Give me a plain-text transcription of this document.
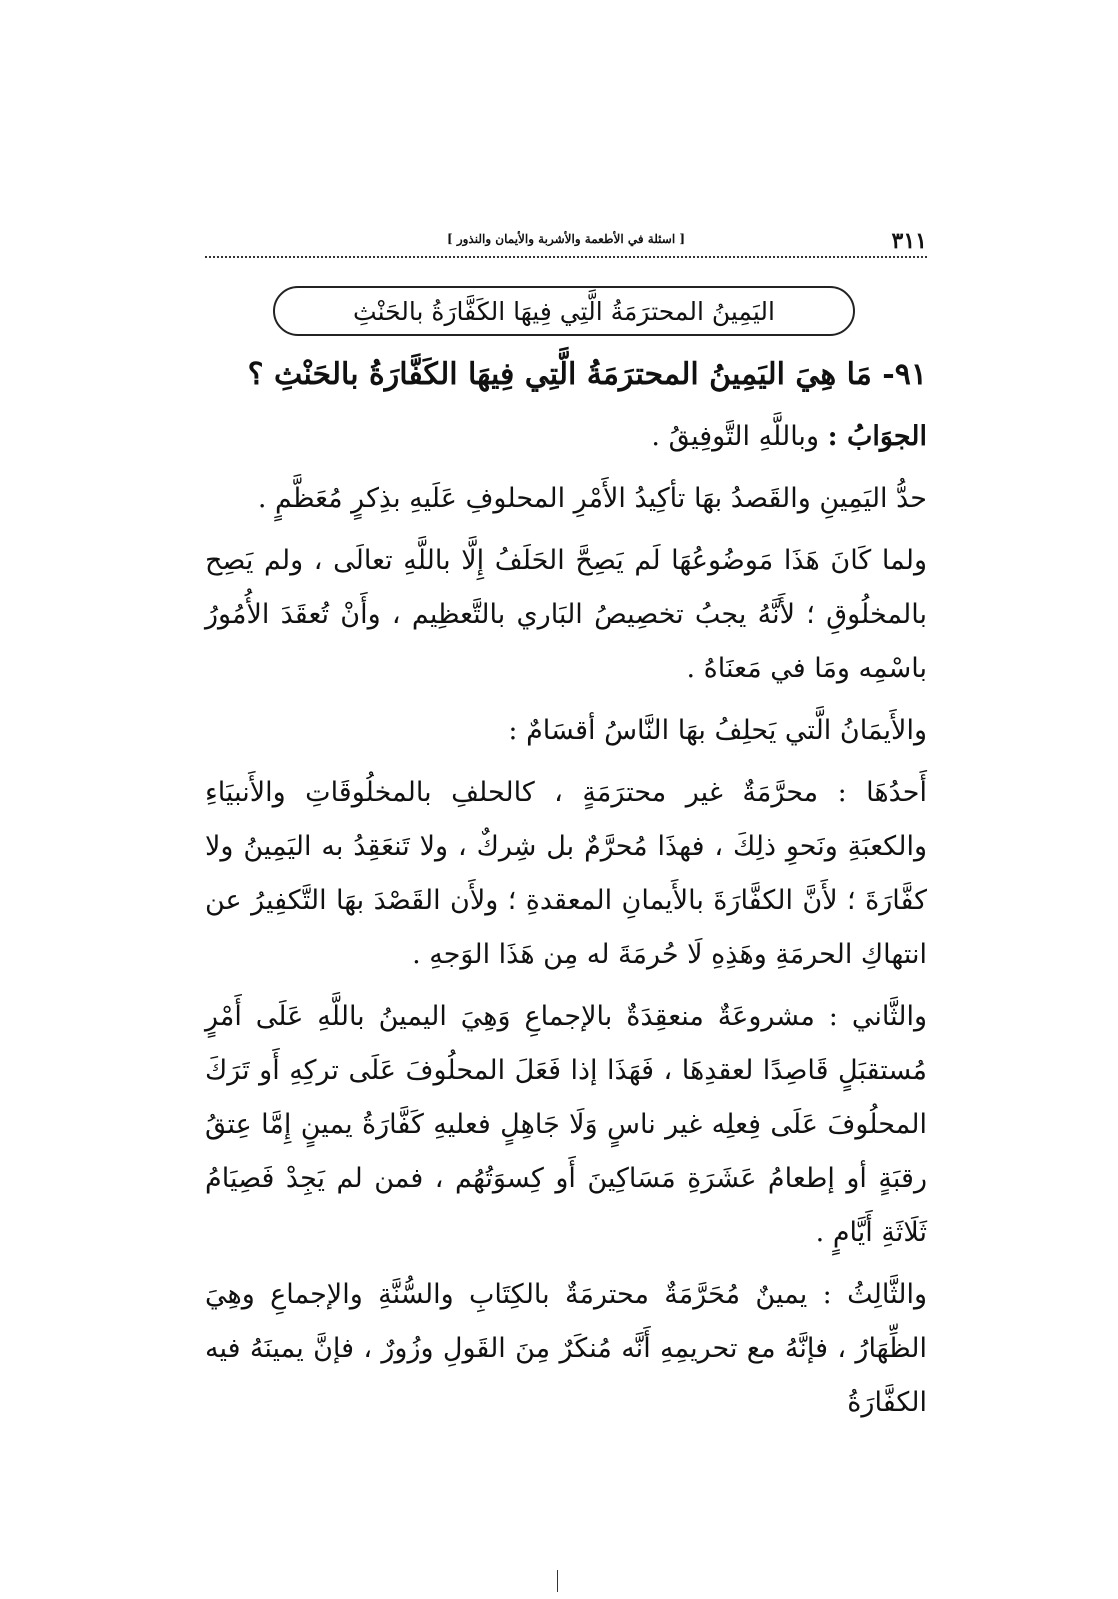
٣١١
[ اسئلة في الأطعمة والأشربة والأيمان والنذور ]
اليَمِينُ المحترَمَةُ الَّتِي فِيهَا الكَفَّارَةُ بالحَنْثِ

٩١- مَا هِيَ اليَمِينُ المحترَمَةُ الَّتِي فِيهَا الكَفَّارَةُ بالحَنْثِ ؟

الجوَابُ : وباللَّهِ التَّوفِيقُ .

حدُّ اليَمِينِ والقَصدُ بهَا تأكِيدُ الأَمْرِ المحلوفِ عَلَيهِ بذِكرٍ مُعَظَّمٍ .

ولما كَانَ هَذَا مَوضُوعُهَا لَم يَصِحَّ الحَلَفُ إِلَّا باللَّهِ تعالَى ، ولم يَصِح بالمخلُوقِ ؛ لأَنَّهُ يجبُ تخصِيصُ البَاري بالتَّعظِيم ، وأَنْ تُعقَدَ الأُمُورُ باسْمِه ومَا في مَعنَاهُ .

والأَيمَانُ الَّتي يَحلِفُ بهَا النَّاسُ أقسَامٌ :

أَحدُهَا : محرَّمَةٌ غير محترَمَةٍ ، كالحلفِ بالمخلُوقَاتِ والأَنبيَاءِ والكعبَةِ ونَحوِ ذلِكَ ، فهذَا مُحرَّمٌ بل شِركٌ ، ولا تَنعَقِدُ به اليَمِينُ ولا كفَّارَةَ ؛ لأَنَّ الكفَّارَةَ بالأَيمانِ المعقدةِ ؛ ولأَن القَصْدَ بهَا التَّكفِيرُ عن انتهاكِ الحرمَةِ وهَذِهِ لَا حُرمَةَ له مِن هَذَا الوَجهِ .

والثَّاني : مشروعَةٌ منعقِدَةٌ بالإجماعِ وَهِيَ اليمينُ باللَّهِ عَلَى أَمْرٍ مُستقبَلٍ قَاصِدًا لعقدِهَا ، فَهَذَا إذا فَعَلَ المحلُوفَ عَلَى تركِهِ أَو تَرَكَ المحلُوفَ عَلَى فِعلِه غير ناسٍ وَلَا جَاهِلٍ فعليهِ كَفَّارَةُ يمينٍ إِمَّا عِتقُ رقبَةٍ أو إطعامُ عَشَرَةِ مَسَاكِينَ أَو كِسوَتُهُم ، فمن لم يَجِدْ فَصِيَامُ ثَلَاثَةِ أَيَّامٍ .

والثَّالِثُ : يمينٌ مُحَرَّمَةٌ محترمَةٌ بالكِتَابِ والسُّنَّةِ والإجماعِ وهِيَ الظِّهَارُ ، فإنَّهُ مع تحريمِهِ أَنَّه مُنكَرٌ مِنَ القَولِ وزُورٌ ، فإنَّ يمينَهُ فيه الكفَّارَةُ
